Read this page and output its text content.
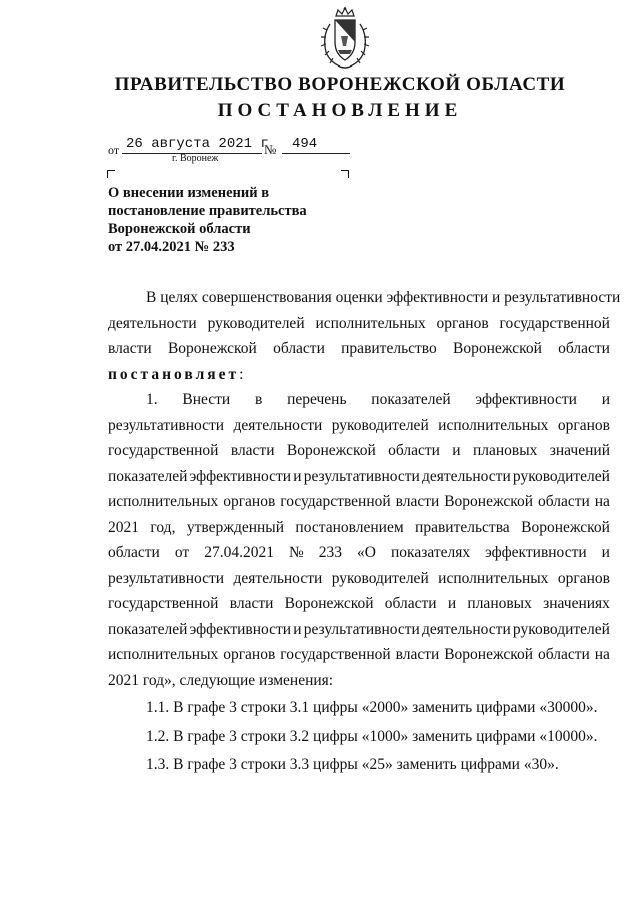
ПРАВИТЕЛЬСТВО ВОРОНЕЖСКОЙ ОБЛАСТИ
ПОСТАНОВЛЕНИЕ
от 26 августа 2021 г
№ 494
г. Воронеж
О внесении изменений в
постановление правительства
Воронежской области
от 27.04.2021 № 233
В целях совершенствования оценки эффективности и результативности
деятельности руководителей исполнительных органов государственной
власти Воронежской области правительство Воронежской области
постановляет :
1. Внести в перечень показателей эффективности и
результативности деятельности руководителей исполнительных органов
государственной власти Воронежской области и плановых значений
показателей эффективности и результативности деятельности руководителей
исполнительных органов государственной власти Воронежской области на
2021 год, утвержденный постановлением правительства Воронежской
области от 27.04.2021 № 233 «О показателях эффективности и
результативности деятельности руководителей исполнительных органов
государственной власти Воронежской области и плановых значениях
показателей эффективности и результативности деятельности руководителей
исполнительных органов государственной власти Воронежской области на
2021 год», следующие изменения:
1.1. В графе 3 строки 3.1 цифры «2000» заменить цифрами «30000».
1.2. В графе 3 строки 3.2 цифры «1000» заменить цифрами «10000».
1.3. В графе 3 строки 3.3 цифры «25» заменить цифрами «30».
